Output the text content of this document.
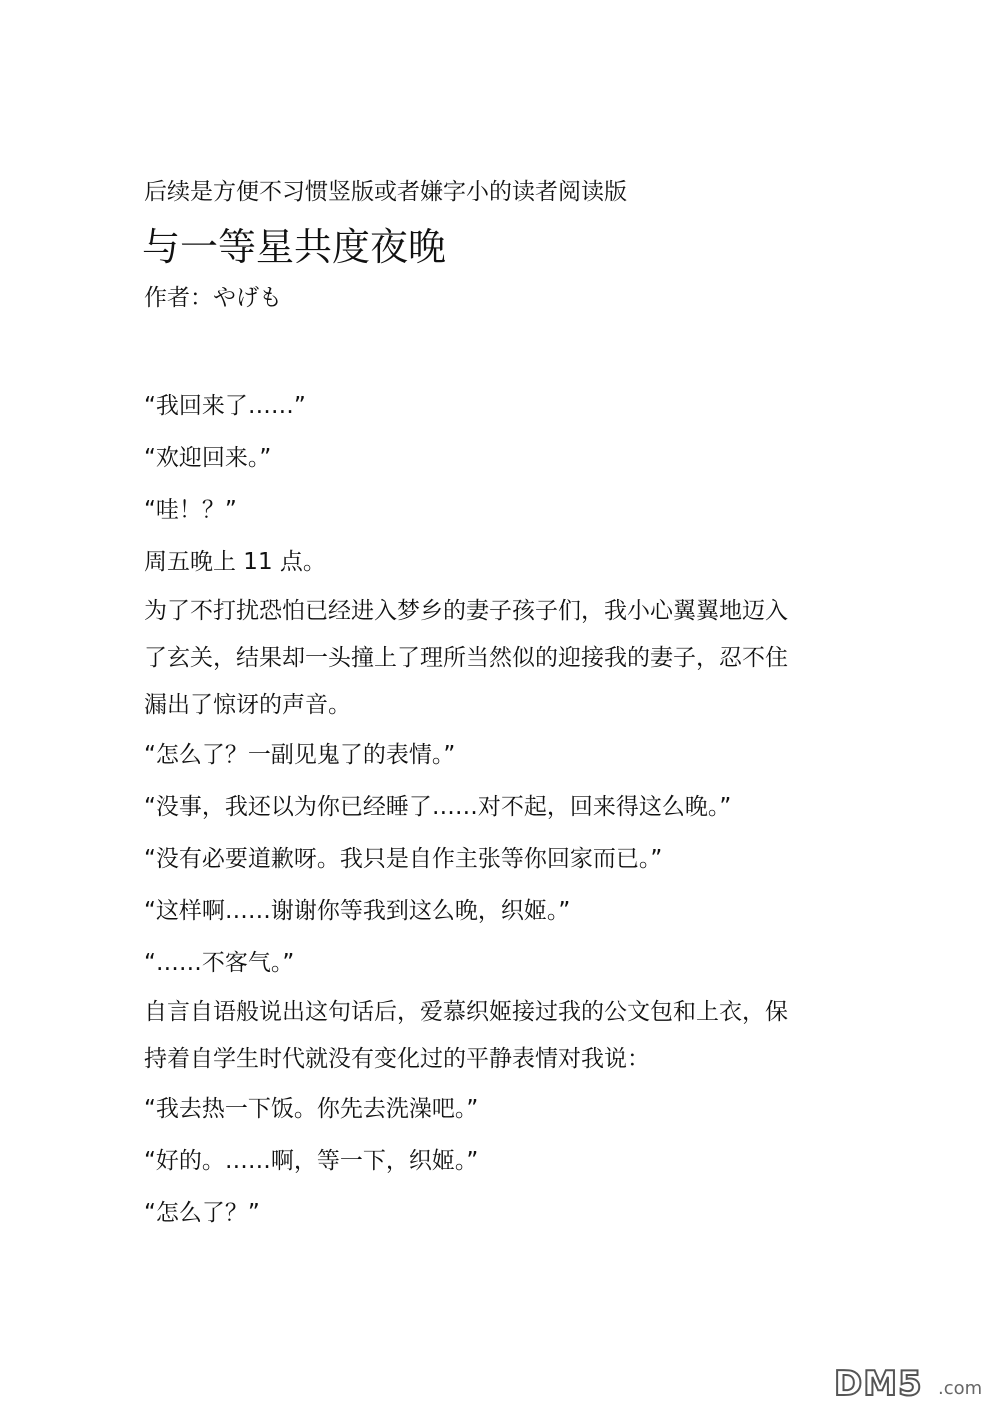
后续是方便不习惯竖版或者嫌字小的读者阅读版
与一等星共度夜晚
作者：やげも
“我回来了……”
“欢迎回来。”
“哇！？”
周五晚上 11 点。
为了不打扰恐怕已经进入梦乡的妻子孩子们，我小心翼翼地迈入
了玄关，结果却一头撞上了理所当然似的迎接我的妻子，忍不住
漏出了惊讶的声音。
“怎么了？一副见鬼了的表情。”
“没事，我还以为你已经睡了……对不起，回来得这么晚。”
“没有必要道歉呀。我只是自作主张等你回家而已。”
“这样啊……谢谢你等我到这么晚，织姬。”
“……不客气。”
自言自语般说出这句话后，爱慕织姬接过我的公文包和上衣，保
持着自学生时代就没有变化过的平静表情对我说：
“我去热一下饭。你先去洗澡吧。”
“好的。……啊，等一下，织姬。”
“怎么了？”
DM5 .com
